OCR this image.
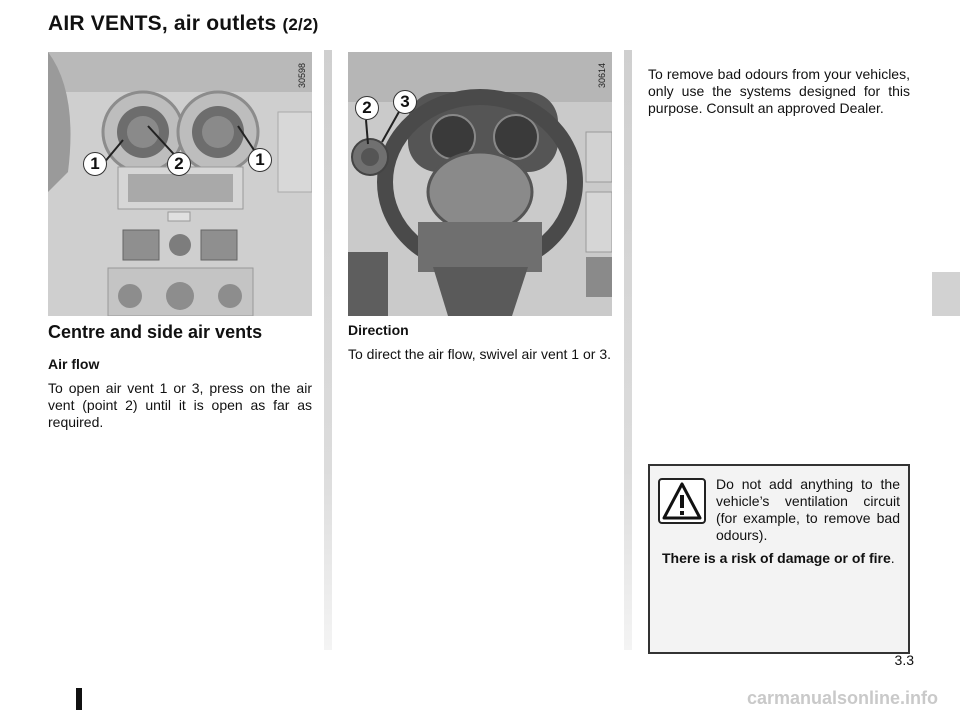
AIR VENTS, air outlets (2/2)
30598
1	2	1
30614
2	3
Centre and side air vents
Air flow

To open air vent 1 or 3, press on the air vent (point 2) until it is open as far as required.

Direction

To direct the air flow, swivel air vent 1 or 3.

To remove bad odours from your vehicles, only use the systems designed for this purpose. Consult an approved Dealer.

Do not add anything to the vehicle’s ventilation circuit (for example, to remove bad odours).

There is a risk of damage or of fire.

3.3
carmanualsonline.info
